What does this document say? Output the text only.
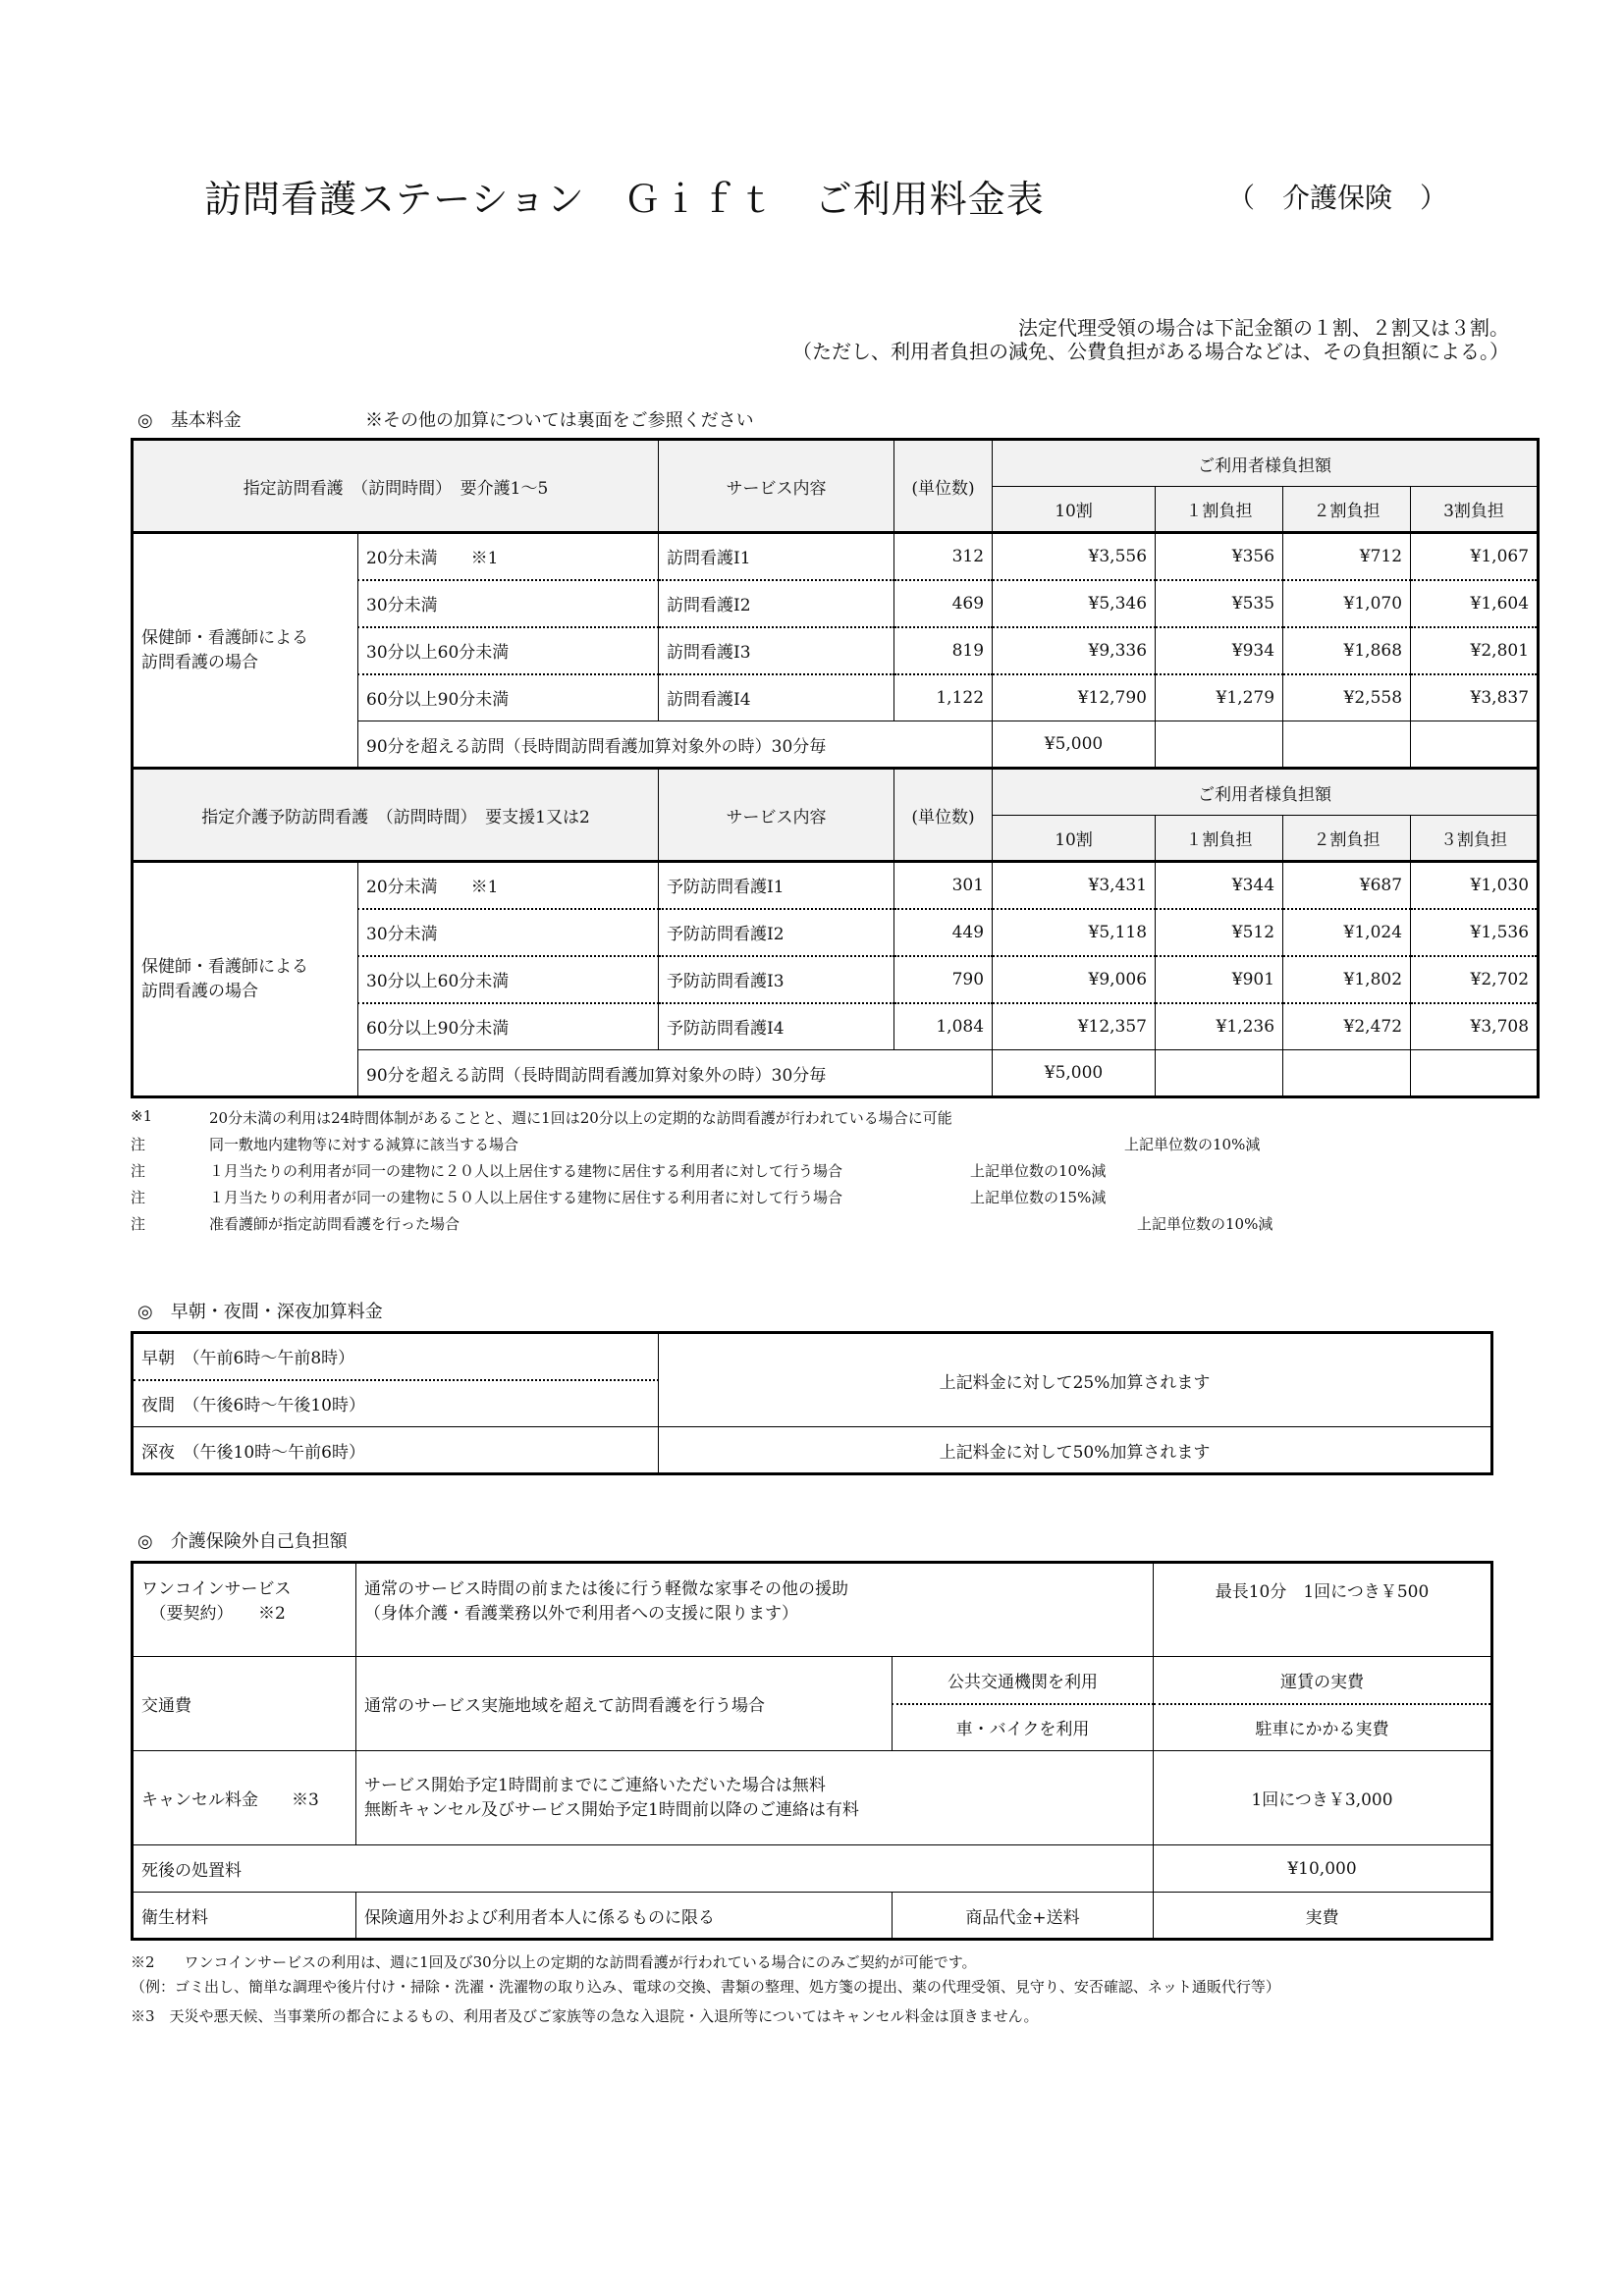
訪問看護ステーション　Ｇｉｆｔ　ご利用料金表	（　介護保険　）
法定代理受領の場合は下記金額の１割、２割又は３割。
（ただし、利用者負担の減免、公費負担がある場合などは、その負担額による。）
◎　基本料金	※その他の加算については裏面をご参照ください
指定訪問看護　（訪問時間）　要介護1～5		サービス内容	(単位数)	ご利用者様負担額			
				10割	１割負担	２割負担	3割負担
保健師・看護師による
訪問看護の場合	20分未満　　※1	訪問看護I1	312	¥3,556	¥356	¥712	¥1,067
	30分未満	訪問看護I2	469	¥5,346	¥535	¥1,070	¥1,604
	30分以上60分未満	訪問看護I3	819	¥9,336	¥934	¥1,868	¥2,801
	60分以上90分未満	訪問看護I4	1,122	¥12,790	¥1,279	¥2,558	¥3,837
	90分を超える訪問（長時間訪問看護加算対象外の時）30分毎			¥5,000			
指定介護予防訪問看護　（訪問時間）　要支援1又は2		サービス内容	(単位数)	ご利用者様負担額			
				10割	１割負担	２割負担	３割負担
保健師・看護師による
訪問看護の場合	20分未満　　※1	予防訪問看護I1	301	¥3,431	¥344	¥687	¥1,030
	30分未満	予防訪問看護I2	449	¥5,118	¥512	¥1,024	¥1,536
	30分以上60分未満	予防訪問看護I3	790	¥9,006	¥901	¥1,802	¥2,702
	60分以上90分未満	予防訪問看護I4	1,084	¥12,357	¥1,236	¥2,472	¥3,708
	90分を超える訪問（長時間訪問看護加算対象外の時）30分毎			¥5,000			
※1	20分未満の利用は24時間体制があることと、週に1回は20分以上の定期的な訪問看護が行われている場合に可能
注	同一敷地内建物等に対する減算に該当する場合	上記単位数の10%減
注	１月当たりの利用者が同一の建物に２０人以上居住する建物に居住する利用者に対して行う場合	上記単位数の10%減
注	１月当たりの利用者が同一の建物に５０人以上居住する建物に居住する利用者に対して行う場合	上記単位数の15%減
注	准看護師が指定訪問看護を行った場合	上記単位数の10%減
◎　早朝・夜間・深夜加算料金
早朝　（午前6時～午前8時）	上記料金に対して25%加算されます
夜間　（午後6時～午後10時）	
深夜　（午後10時～午前6時）	上記料金に対して50%加算されます
◎　介護保険外自己負担額
ワンコインサービス
　（要契約）　　※2	通常のサービス時間の前または後に行う軽微な家事その他の援助
（身体介護・看護業務以外で利用者への支援に限ります）		最長10分　1回につき￥500
交通費	通常のサービス実施地域を超えて訪問看護を行う場合	公共交通機関を利用	運賃の実費
		車・バイクを利用	駐車にかかる実費
キャンセル料金　　※3	サービス開始予定1時間前までにご連絡いただいた場合は無料
無断キャンセル及びサービス開始予定1時間前以降のご連絡は有料		1回につき￥3,000
死後の処置料			¥10,000
衛生材料	保険適用外および利用者本人に係るものに限る	商品代金+送料	実費
※2　　ワンコインサービスの利用は、週に1回及び30分以上の定期的な訪問看護が行われている場合にのみご契約が可能です。
（例：ゴミ出し、簡単な調理や後片付け・掃除・洗濯・洗濯物の取り込み、電球の交換、書類の整理、処方箋の提出、薬の代理受領、見守り、安否確認、ネット通販代行等）
※3　天災や悪天候、当事業所の都合によるもの、利用者及びご家族等の急な入退院・入退所等についてはキャンセル料金は頂きません。
